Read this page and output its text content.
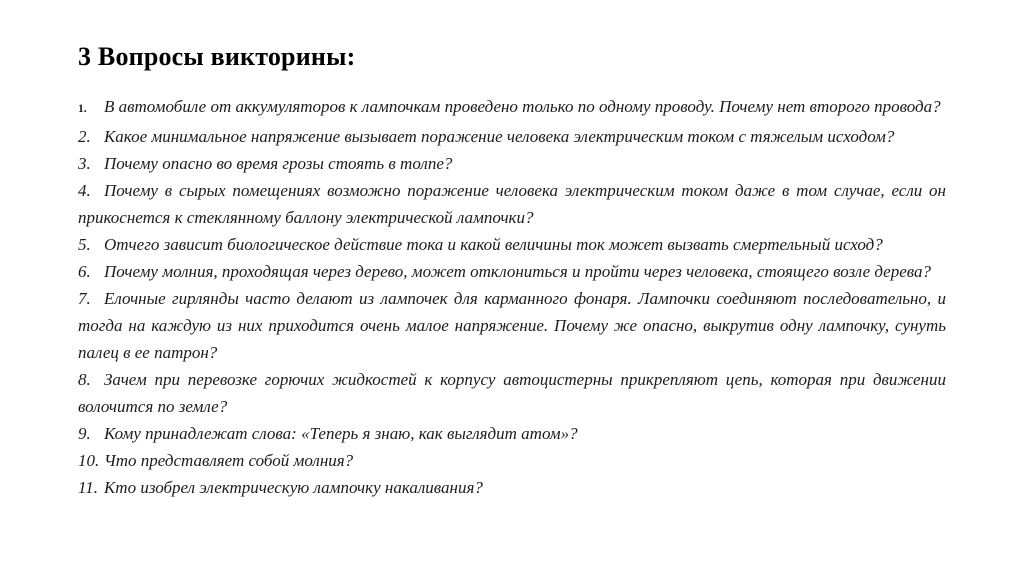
3 Вопросы викторины:

1. В автомобиле от аккумуляторов к лампочкам проведено только по одному проводу. Почему нет второго провода?

2. Какое минимальное напряжение вызывает поражение человека электрическим током с тяжелым исходом?

3. Почему опасно во время грозы стоять в толпе?

4. Почему в сырых помещениях возможно поражение человека электрическим током даже в том случае, если он прикоснется к стеклянному баллону электрической лампочки?

5. Отчего зависит биологическое действие тока и какой величины ток может вызвать смертельный исход?

6. Почему молния, проходящая через дерево, может отклониться и пройти через человека, стоящего возле дерева?

7. Елочные гирлянды часто делают из лампочек для карманного фонаря. Лампочки соединяют последовательно, и тогда на каждую из них приходится очень малое напряжение. Почему же опасно, выкрутив одну лампочку, сунуть палец в ее патрон?

8. Зачем при перевозке горючих жидкостей к корпусу автоцистерны прикрепляют цепь, которая при движении волочится по земле?

9. Кому принадлежат слова: «Теперь я знаю, как выглядит атом»?

10. Что представляет собой молния?

11. Кто изобрел электрическую лампочку накаливания?
